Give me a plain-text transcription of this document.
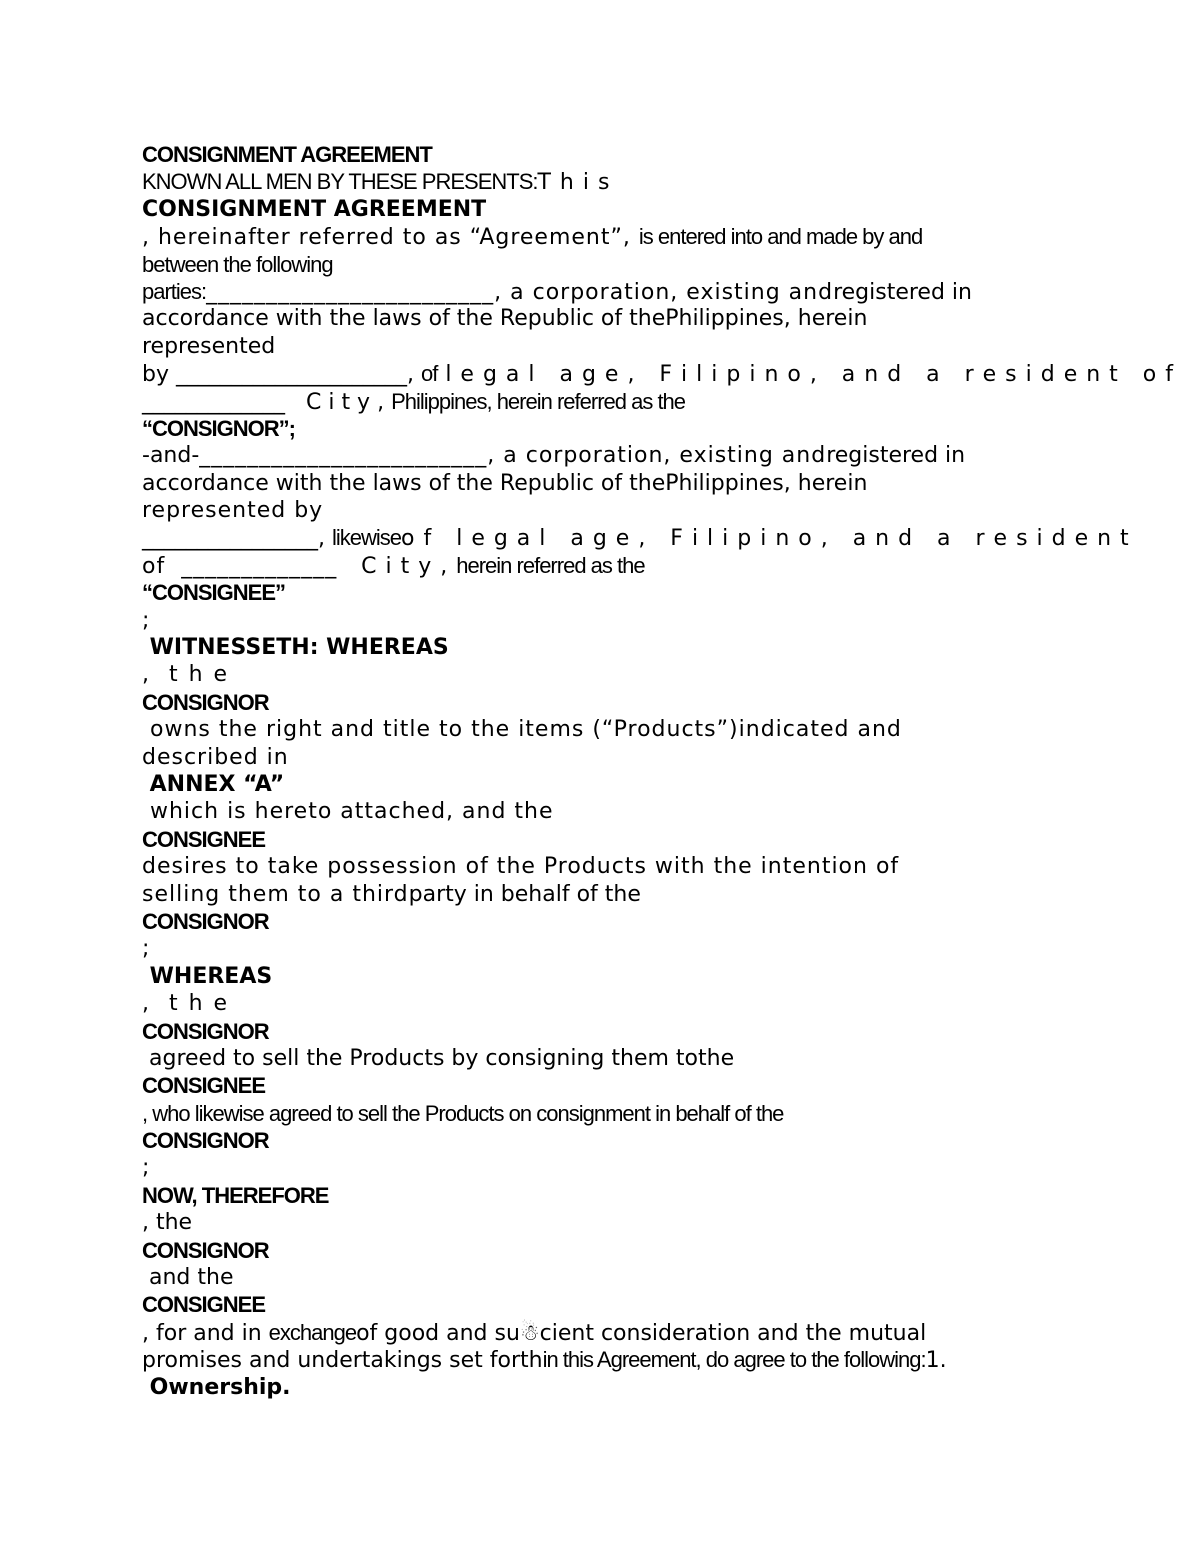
CONSIGNMENT AGREEMENT
KNOWN ALL MEN BY THESE PRESENTS:T h i s
CONSIGNMENT AGREEMENT
, hereinafter referred to as “Agreement”, is entered into and made by and
between the following
parties:________________________, a corporation, existing andregistered in
accordance with the laws of the Republic of thePhilippines, herein
represented
by _____________________, of l e g a l   a g e ,   F i l i p i n o ,   a n d   a   r e s i d e n t   o f
_____________   C i t y , Philippines, herein referred as the
“CONSIGNOR”;
-and-________________________, a corporation, existing andregistered in
accordance with the laws of the Republic of thePhilippines, herein
represented by
________________, likewiseo f   l e g a l   a g e ,   F i l i p i n o ,   a n d   a   r e s i d e n t
of  _____________   C i t y , herein referred as the
“CONSIGNEE”
;
WITNESSETH: WHEREAS
,  t h e
CONSIGNOR
owns the right and title to the items (“Products”)indicated and
described in
ANNEX “A”
which is hereto attached, and the
CONSIGNEE
desires to take possession of the Products with the intention of
selling them to a thirdparty in behalf of the
CONSIGNOR
;
WHEREAS
,  t h e
CONSIGNOR
agreed to sell the Products by consigning them tothe
CONSIGNEE
, who likewise agreed to sell the Products on consignment in behalf of the
CONSIGNOR
;
NOW, THEREFORE
, the
CONSIGNOR
and the
CONSIGNEE
, for and in exchangeof good and su☃cient consideration and the mutual
promises and undertakings set forthin this Agreement, do agree to the following:1.
Ownership.
